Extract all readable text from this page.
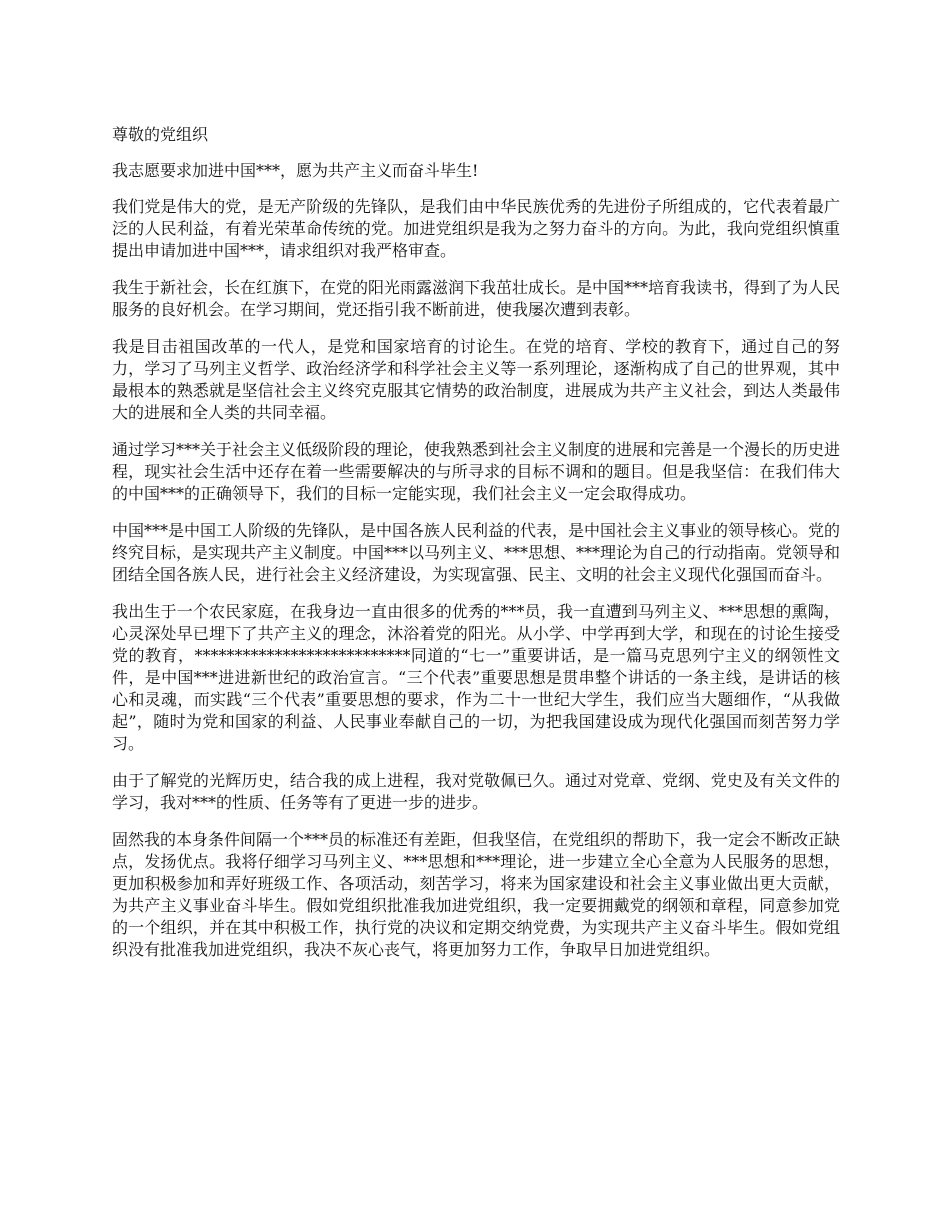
尊敬的党组织

我志愿要求加进中国***，愿为共产主义而奋斗毕生!

我们党是伟大的党，是无产阶级的先锋队，是我们由中华民族优秀的先进份子所组成的，它代表着最广泛的人民利益，有着光荣革命传统的党。加进党组织是我为之努力奋斗的方向。为此，我向党组织慎重提出申请加进中国***，请求组织对我严格审查。

我生于新社会，长在红旗下，在党的阳光雨露滋润下我茁壮成长。是中国***培育我读书，得到了为人民服务的良好机会。在学习期间，党还指引我不断前进，使我屡次遭到表彰。

我是目击祖国改革的一代人，是党和国家培育的讨论生。在党的培育、学校的教育下，通过自己的努力，学习了马列主义哲学、政治经济学和科学社会主义等一系列理论，逐渐构成了自己的世界观，其中最根本的熟悉就是坚信社会主义终究克服其它情势的政治制度，进展成为共产主义社会，到达人类最伟大的进展和全人类的共同幸福。

通过学习***关于社会主义低级阶段的理论，使我熟悉到社会主义制度的进展和完善是一个漫长的历史进程，现实社会生活中还存在着一些需要解决的与所寻求的目标不调和的题目。但是我坚信：在我们伟大的中国***的正确领导下，我们的目标一定能实现，我们社会主义一定会取得成功。

中国***是中国工人阶级的先锋队，是中国各族人民利益的代表，是中国社会主义事业的领导核心。党的终究目标，是实现共产主义制度。中国***以马列主义、***思想、***理论为自己的行动指南。党领导和团结全国各族人民，进行社会主义经济建设，为实现富强、民主、文明的社会主义现代化强国而奋斗。

我出生于一个农民家庭，在我身边一直由很多的优秀的***员，我一直遭到马列主义、***思想的熏陶，心灵深处早已埋下了共产主义的理念，沐浴着党的阳光。从小学、中学再到大学，和现在的讨论生接受党的教育，***************************同道的“七一”重要讲话，是一篇马克思列宁主义的纲领性文件，是中国***进进新世纪的政治宣言。“三个代表”重要思想是贯串整个讲话的一条主线，是讲话的核心和灵魂，而实践“三个代表”重要思想的要求，作为二十一世纪大学生，我们应当大题细作，“从我做起”，随时为党和国家的利益、人民事业奉献自己的一切，为把我国建设成为现代化强国而刻苦努力学习。

由于了解党的光辉历史，结合我的成上进程，我对党敬佩已久。通过对党章、党纲、党史及有关文件的学习，我对***的性质、任务等有了更进一步的进步。

固然我的本身条件间隔一个***员的标准还有差距，但我坚信，在党组织的帮助下，我一定会不断改正缺点，发扬优点。我将仔细学习马列主义、***思想和***理论，进一步建立全心全意为人民服务的思想，更加积极参加和弄好班级工作、各项活动，刻苦学习，将来为国家建设和社会主义事业做出更大贡献，为共产主义事业奋斗毕生。假如党组织批准我加进党组织，我一定要拥戴党的纲领和章程，同意参加党的一个组织，并在其中积极工作，执行党的决议和定期交纳党费，为实现共产主义奋斗毕生。假如党组织没有批准我加进党组织，我决不灰心丧气，将更加努力工作，争取早日加进党组织。
